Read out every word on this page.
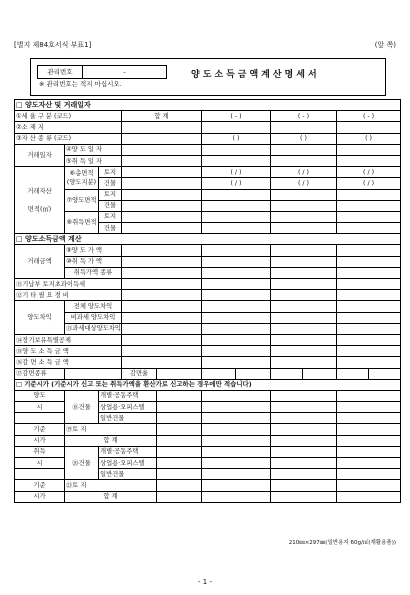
[별지 제84호서식 부표1]	(앞 쪽)
관리번호	-
※ 관리번호는 적지 마십시오.
양도소득금액계산명세서
□ 양도자산 및 거래일자										
①세 율 구 분 (코드)			합 계		( - )		( - )		( - )	
②소 재 지										
③자 산 종 류 (코드)					( )		( )		( )	
거래일자	④양 도 일 자									
	⑤취 득 일 자									
거래자산

면적(㎡)	⑥총면적
(양도지분)	토지			( / )		( / )		( / )	
		건물			( / )		( / )		( / )	
	⑦양도면적	토지								
		건물								
	⑧취득면적	토지								
		건물								
□ 양도소득금액 계산										
거래금액	⑨양 도 가 액									
	⑩취 득 가 액									
	취득가액 종류									
⑪기납부 토지초과이득세										
⑫기 타 필 요 경 비										
양도차익	전체 양도차익									
	비과세 양도차익									
	⑬과세대상양도차익									
⑭장기보유특별공제										
⑮양 도 소 득 금 액										
⑯감 면 소 득 금 액										
⑰감면종류			감면율							
□ 기준시가 (기준시가 신고 또는 취득가액을 환산가로 신고하는 경우에만 적습니다)										
양도	⑱건물	개별·공동주택								
시		상업용·오피스텔								
		일반건물								
기준	⑲토 지									
시가	합 계									
취득	⑳건물	개별·공동주택								
시		상업용·오피스텔								
		일반건물								
기준	㉑토 지									
시가	합 계									
210㎜×297㎜(일반용지 60g/㎡(재활용품))
- 1 -
